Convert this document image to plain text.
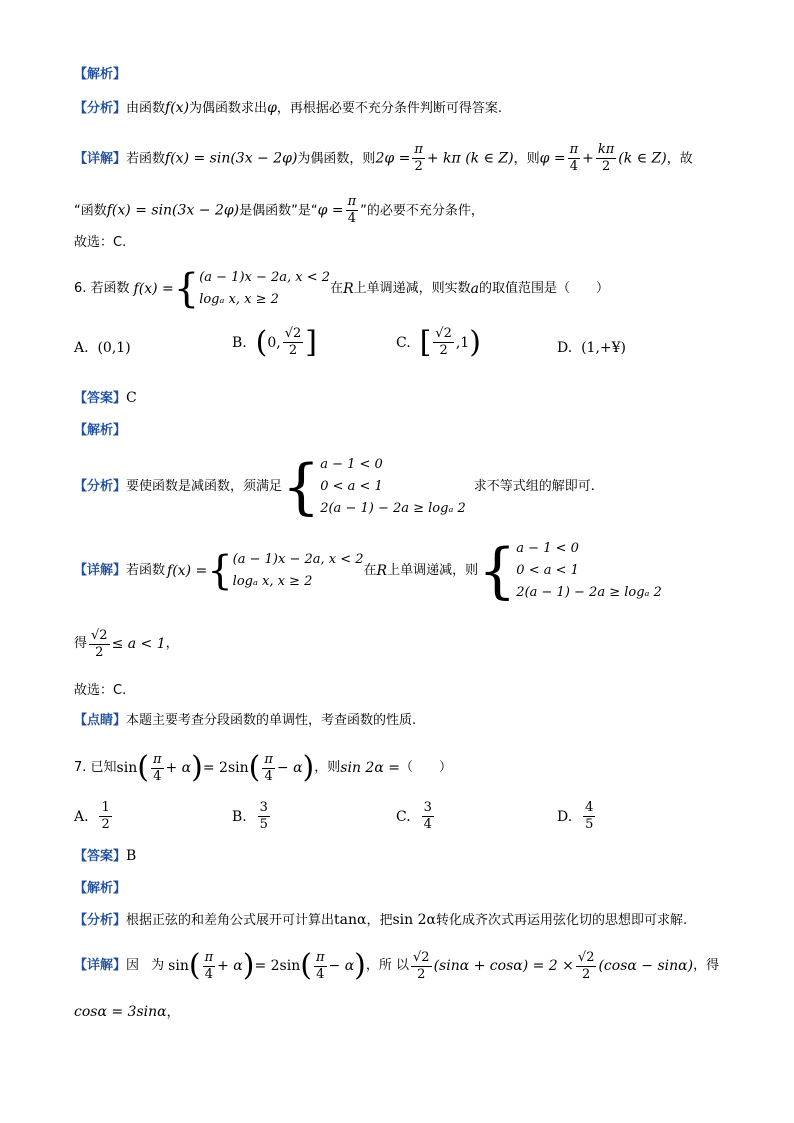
【解析】
【分析】由函数f(x)为偶函数求出φ，再根据必要不充分条件判断可得答案.
【详解】若函数f(x) = sin(3x − 2φ)为偶函数，则$2\varphi = \frac{\pi}{2} + k\pi$ (k ∈ Z)，则$\varphi = \frac{\pi}{4} + \frac{k\pi}{2} (k$ ∈ Z)，故
“函数f(x) = sin(3x − 2φ)是偶函数”是“$\varphi = \frac{\pi}{4}$ ”的必要不充分条件，
故选：C.
6. 若函数 f(x) = { (a − 1)x − 2a, x < 2
logₐ x, x ≥ 2
在 R 上单调递减，则实数 a 的取值范围是（　　）
A. (0,1)	B.
( 0, $\frac{√2}{2}$ ]	C.
[ $\frac{√2}{2} ,1$ )	D. (1,+¥)
【答案】C
【解析】
【分析】 要使函数是减函数，须满足 { a − 1 < 0
0 < a < 1
2(a − 1) − 2a ≥ logₐ 2
求不等式组的解即可.
【详解】 若函数 f(x) = { (a − 1)x − 2a, x < 2
logₐ x, x ≥ 2
在 R 上单调递减，则 { a − 1 < 0
0 < a < 1
2(a − 1) − 2a ≥ logₐ 2
得 $\frac{√2}{2} \le a < 1$ ，
故选：C.
【点睛】本题主要考查分段函数的单调性，考查函数的性质.
7. 已知 sin ( $\frac{\pi}{4} + \alpha$ ) = 2sin ( $\frac{\pi}{4} - \alpha$ ) ，则 sin 2α = （　　）
A.
$\frac{1}{2}$	B.
$\frac{3}{5}$	C.
$\frac{3}{4}$	D.
$\frac{4}{5}$
【答案】B
【解析】
【分析】根据正弦的和差角公式展开可计算出tanα，把sin 2α转化成齐次式再运用弦化切的思想即可求解.
【详解】 因 为 sin ( $\frac{\pi}{4} + \alpha$ ) = 2sin ( $\frac{\pi}{4} - \alpha$ ) ，所 以 $\frac{√2}{2} (\sin\alpha + \cos\alpha) = 2 \times \frac{√2}{2} (\cos\alpha - \sin\alpha)$ ，得
cosα = 3sinα，
